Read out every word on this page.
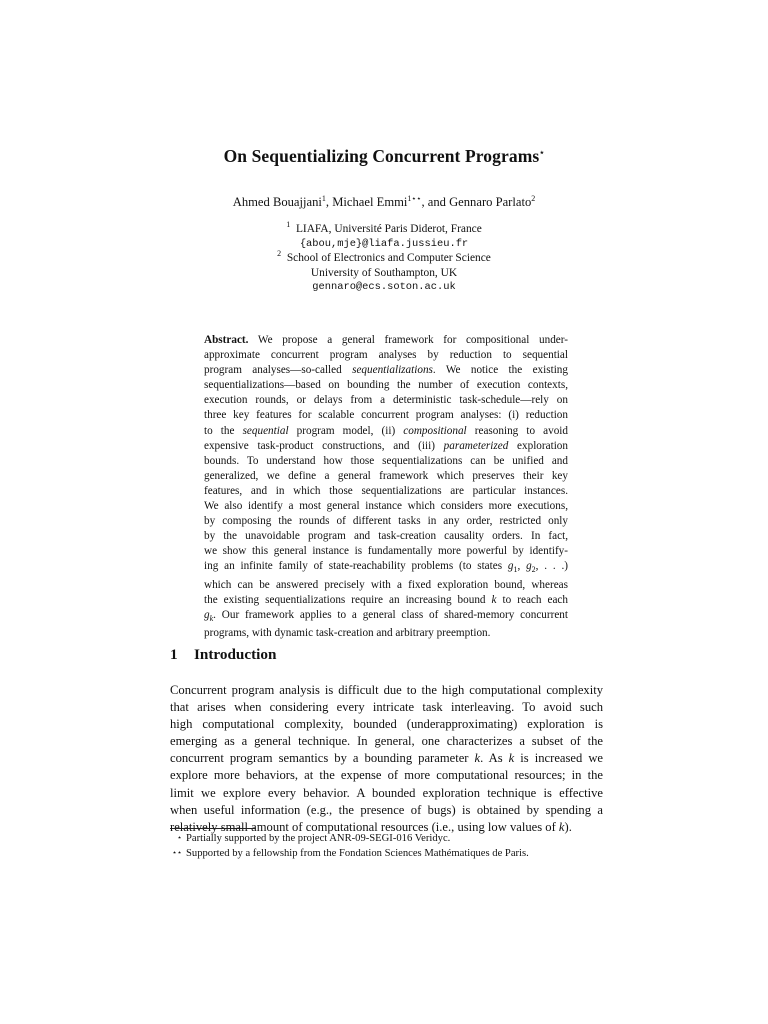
On Sequentializing Concurrent Programs⋆
Ahmed Bouajjani$^1$, Michael Emmi$^{1⋆⋆}$, and Gennaro Parlato$^2$
$^1$ LIAFA, Université Paris Diderot, France
{abou,mje}@liafa.jussieu.fr
$^2$ School of Electronics and Computer Science
University of Southampton, UK
gennaro@ecs.soton.ac.uk
Abstract. We propose a general framework for compositional under-
approximate concurrent program analyses by reduction to sequential
program analyses—so-called sequentializations. We notice the existing
sequentializations—based on bounding the number of execution contexts,
execution rounds, or delays from a deterministic task-schedule—rely on
three key features for scalable concurrent program analyses: (i) reduction
to the sequential program model, (ii) compositional reasoning to avoid
expensive task-product constructions, and (iii) parameterized exploration
bounds. To understand how those sequentializations can be unified and
generalized, we define a general framework which preserves their key
features, and in which those sequentializations are particular instances.
We also identify a most general instance which considers more executions,
by composing the rounds of different tasks in any order, restricted only
by the unavoidable program and task-creation causality orders. In fact,
we show this general instance is fundamentally more powerful by identify-
ing an infinite family of state-reachability problems (to states $g_1$, $g_2$, . . .)
which can be answered precisely with a fixed exploration bound, whereas
the existing sequentializations require an increasing bound k to reach each
$g_k$. Our framework applies to a general class of shared-memory concurrent
programs, with dynamic task-creation and arbitrary preemption.
1 Introduction
Concurrent program analysis is difficult due to the high computational complexity
that arises when considering every intricate task interleaving. To avoid such
high computational complexity, bounded (underapproximating) exploration is
emerging as a general technique. In general, one characterizes a subset of the
concurrent program semantics by a bounding parameter k. As k is increased we
explore more behaviors, at the expense of more computational resources; in the
limit we explore every behavior. A bounded exploration technique is effective
when useful information (e.g., the presence of bugs) is obtained by spending a
relatively small amount of computational resources (i.e., using low values of k).
⋆ Partially supported by the project ANR-09-SEGI-016 Veridyc.
⋆⋆ Supported by a fellowship from the Fondation Sciences Mathématiques de Paris.
